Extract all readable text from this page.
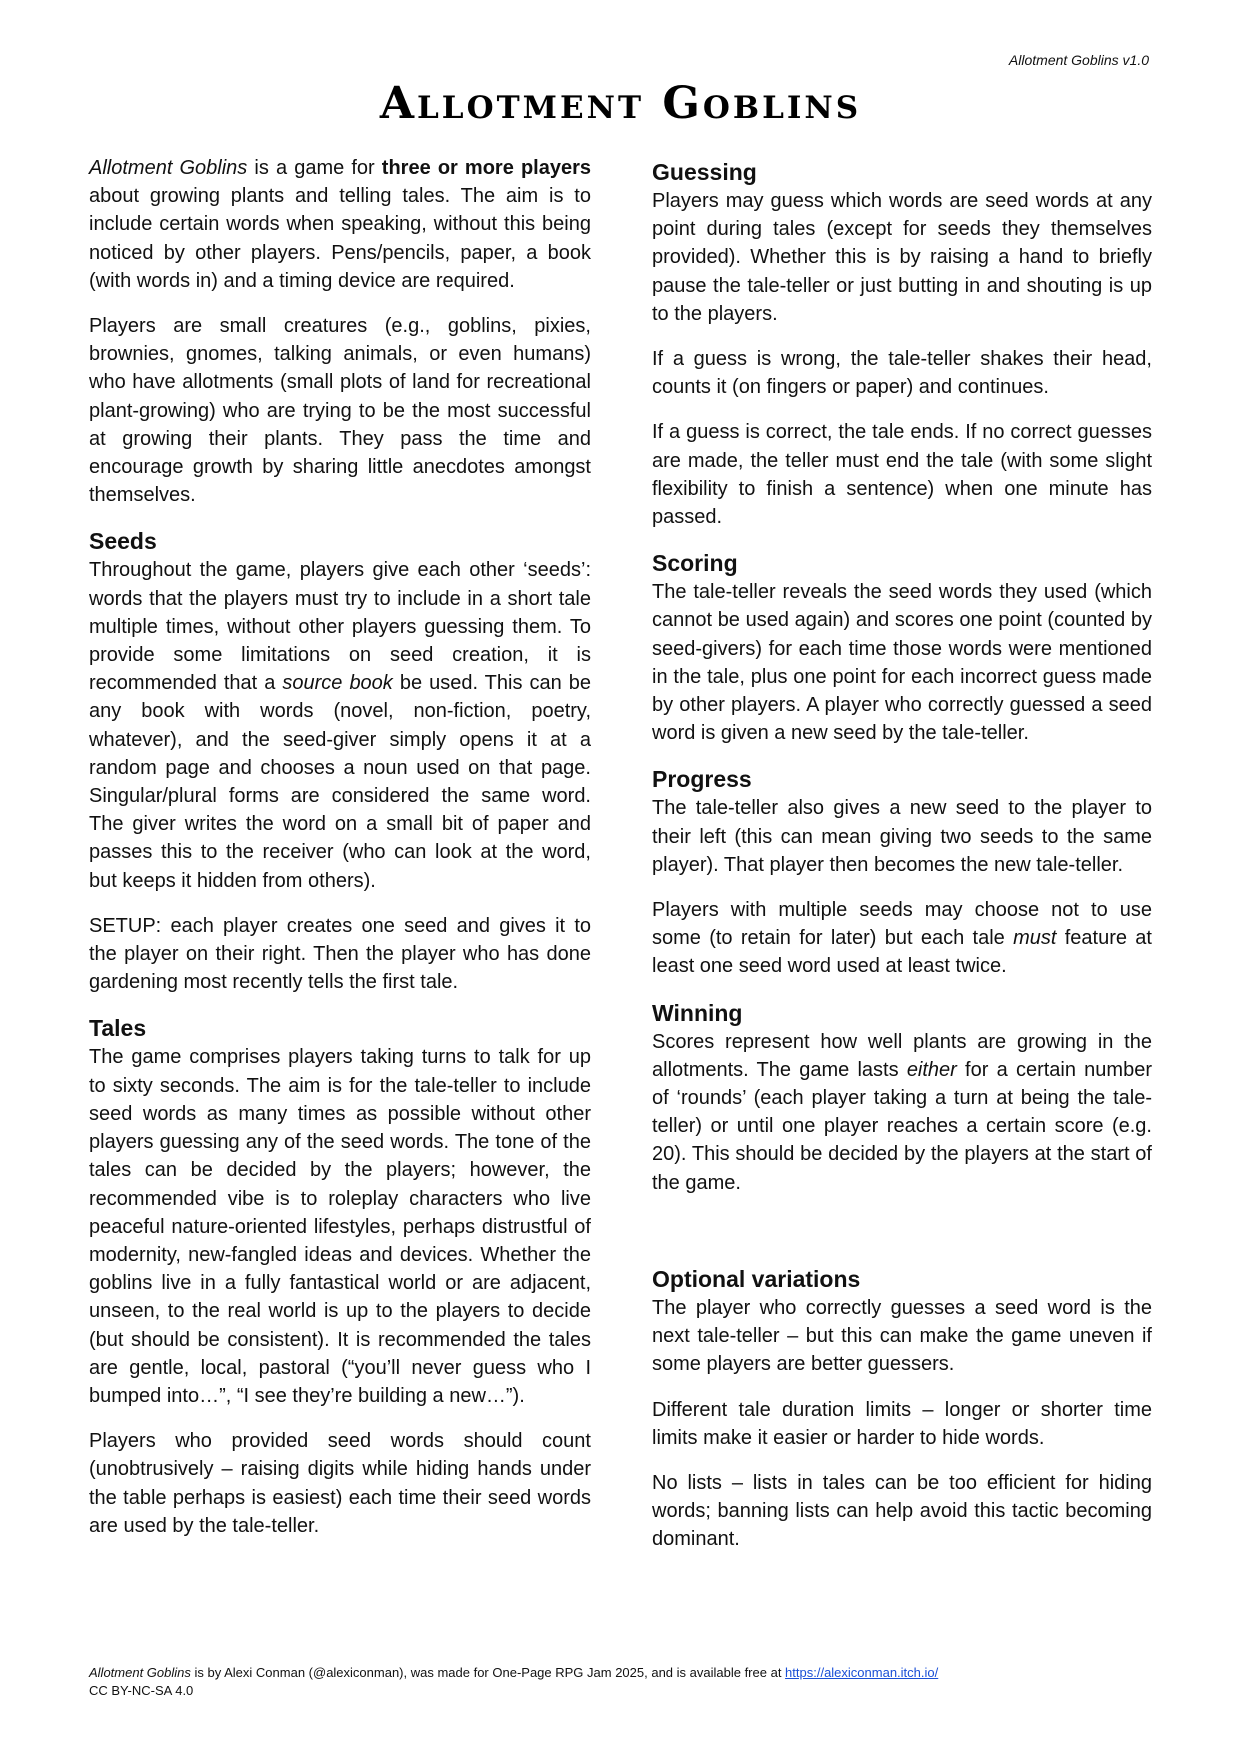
Allotment Goblins v1.0
Allotment Goblins

Allotment Goblins is a game for three or more players about growing plants and telling tales. The aim is to include certain words when speaking, without this being noticed by other players. Pens/pencils, paper, a book (with words in) and a timing device are required.

Players are small creatures (e.g., goblins, pixies, brownies, gnomes, talking animals, or even humans) who have allotments (small plots of land for recreational plant-growing) who are trying to be the most successful at growing their plants. They pass the time and encourage growth by sharing little anecdotes amongst themselves.

Seeds

Throughout the game, players give each other ‘seeds’: words that the players must try to include in a short tale multiple times, without other players guessing them. To provide some limitations on seed creation, it is recommended that a source book be used. This can be any book with words (novel, non-fiction, poetry, whatever), and the seed-giver simply opens it at a random page and chooses a noun used on that page. Singular/plural forms are considered the same word. The giver writes the word on a small bit of paper and passes this to the receiver (who can look at the word, but keeps it hidden from others).

SETUP: each player creates one seed and gives it to the player on their right. Then the player who has done gardening most recently tells the first tale.

Tales

The game comprises players taking turns to talk for up to sixty seconds. The aim is for the tale-teller to include seed words as many times as possible without other players guessing any of the seed words. The tone of the tales can be decided by the players; however, the recommended vibe is to roleplay characters who live peaceful nature-oriented lifestyles, perhaps distrustful of modernity, new-fangled ideas and devices. Whether the goblins live in a fully fantastical world or are adjacent, unseen, to the real world is up to the players to decide (but should be consistent). It is recommended the tales are gentle, local, pastoral (“you’ll never guess who I bumped into…”, “I see they’re building a new…”).

Players who provided seed words should count (unobtrusively – raising digits while hiding hands under the table perhaps is easiest) each time their seed words are used by the tale-teller.

Guessing

Players may guess which words are seed words at any point during tales (except for seeds they themselves provided). Whether this is by raising a hand to briefly pause the tale-teller or just butting in and shouting is up to the players.

If a guess is wrong, the tale-teller shakes their head, counts it (on fingers or paper) and continues.

If a guess is correct, the tale ends. If no correct guesses are made, the teller must end the tale (with some slight flexibility to finish a sentence) when one minute has passed.

Scoring

The tale-teller reveals the seed words they used (which cannot be used again) and scores one point (counted by seed-givers) for each time those words were mentioned in the tale, plus one point for each incorrect guess made by other players. A player who correctly guessed a seed word is given a new seed by the tale-teller.

Progress

The tale-teller also gives a new seed to the player to their left (this can mean giving two seeds to the same player). That player then becomes the new tale-teller.

Players with multiple seeds may choose not to use some (to retain for later) but each tale must feature at least one seed word used at least twice.

Winning

Scores represent how well plants are growing in the allotments. The game lasts either for a certain number of ‘rounds’ (each player taking a turn at being the tale-teller) or until one player reaches a certain score (e.g. 20). This should be decided by the players at the start of the game.

Optional variations

The player who correctly guesses a seed word is the next tale-teller – but this can make the game uneven if some players are better guessers.

Different tale duration limits – longer or shorter time limits make it easier or harder to hide words.

No lists – lists in tales can be too efficient for hiding words; banning lists can help avoid this tactic becoming dominant.

Allotment Goblins is by Alexi Conman (@alexiconman), was made for One-Page RPG Jam 2025, and is available free at https://alexiconman.itch.io/
CC BY-NC-SA 4.0
